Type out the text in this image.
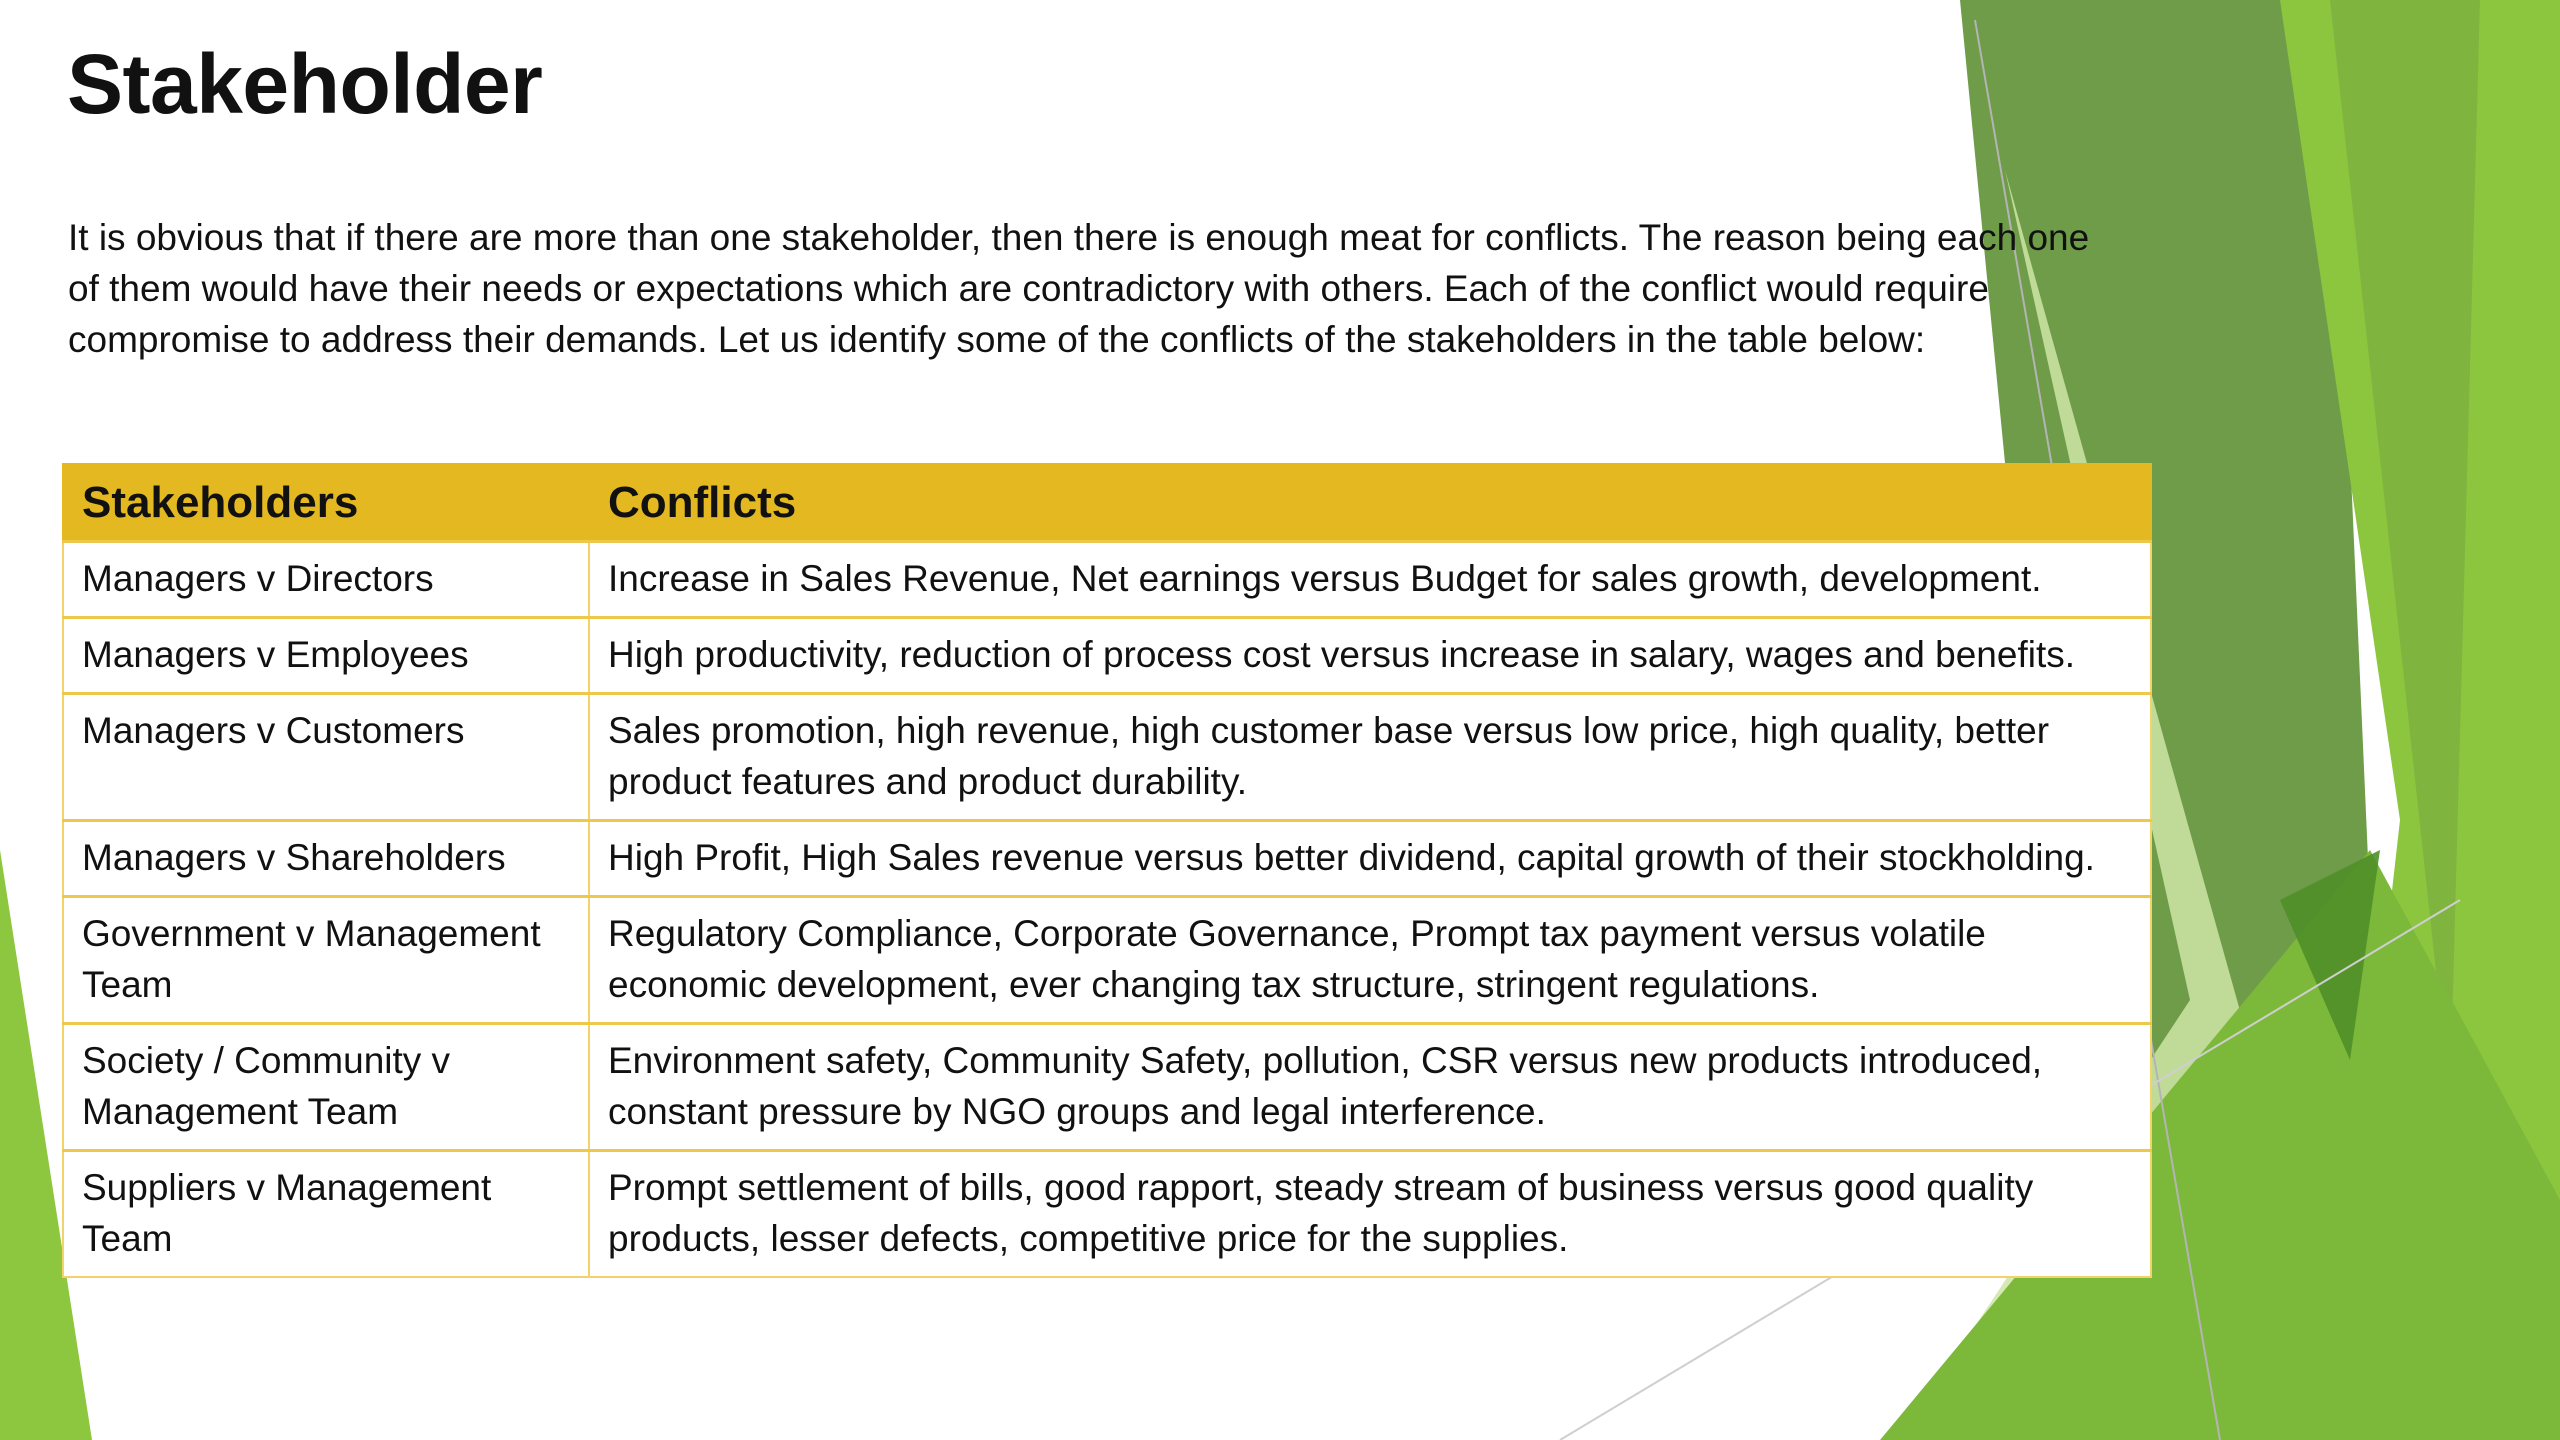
Stakeholder

It is obvious that if there are more than one stakeholder, then there is enough meat for conflicts. The reason being each one of them would have their needs or expectations which are contradictory with others. Each of the conflict would require compromise to address their demands. Let us identify some of the conflicts of the stakeholders in the table below:

Stakeholders	Conflicts
Managers v Directors	Increase in Sales Revenue, Net earnings versus Budget for sales growth, development.
Managers v Employees	High productivity, reduction of process cost versus increase in salary, wages and benefits.
Managers v Customers	Sales promotion, high revenue, high customer base versus low price, high quality, better product features and product durability.
Managers v Shareholders	High Profit, High Sales revenue versus better dividend, capital growth of their stockholding.
Government v Management Team	Regulatory Compliance, Corporate Governance, Prompt tax payment versus volatile economic development, ever changing tax structure, stringent regulations.
Society / Community v Management Team	Environment safety, Community Safety, pollution, CSR versus new products introduced, constant pressure by NGO groups and legal interference.
Suppliers v Management Team	Prompt settlement of bills, good rapport, steady stream of business versus good quality products, lesser defects, competitive price for the supplies.
